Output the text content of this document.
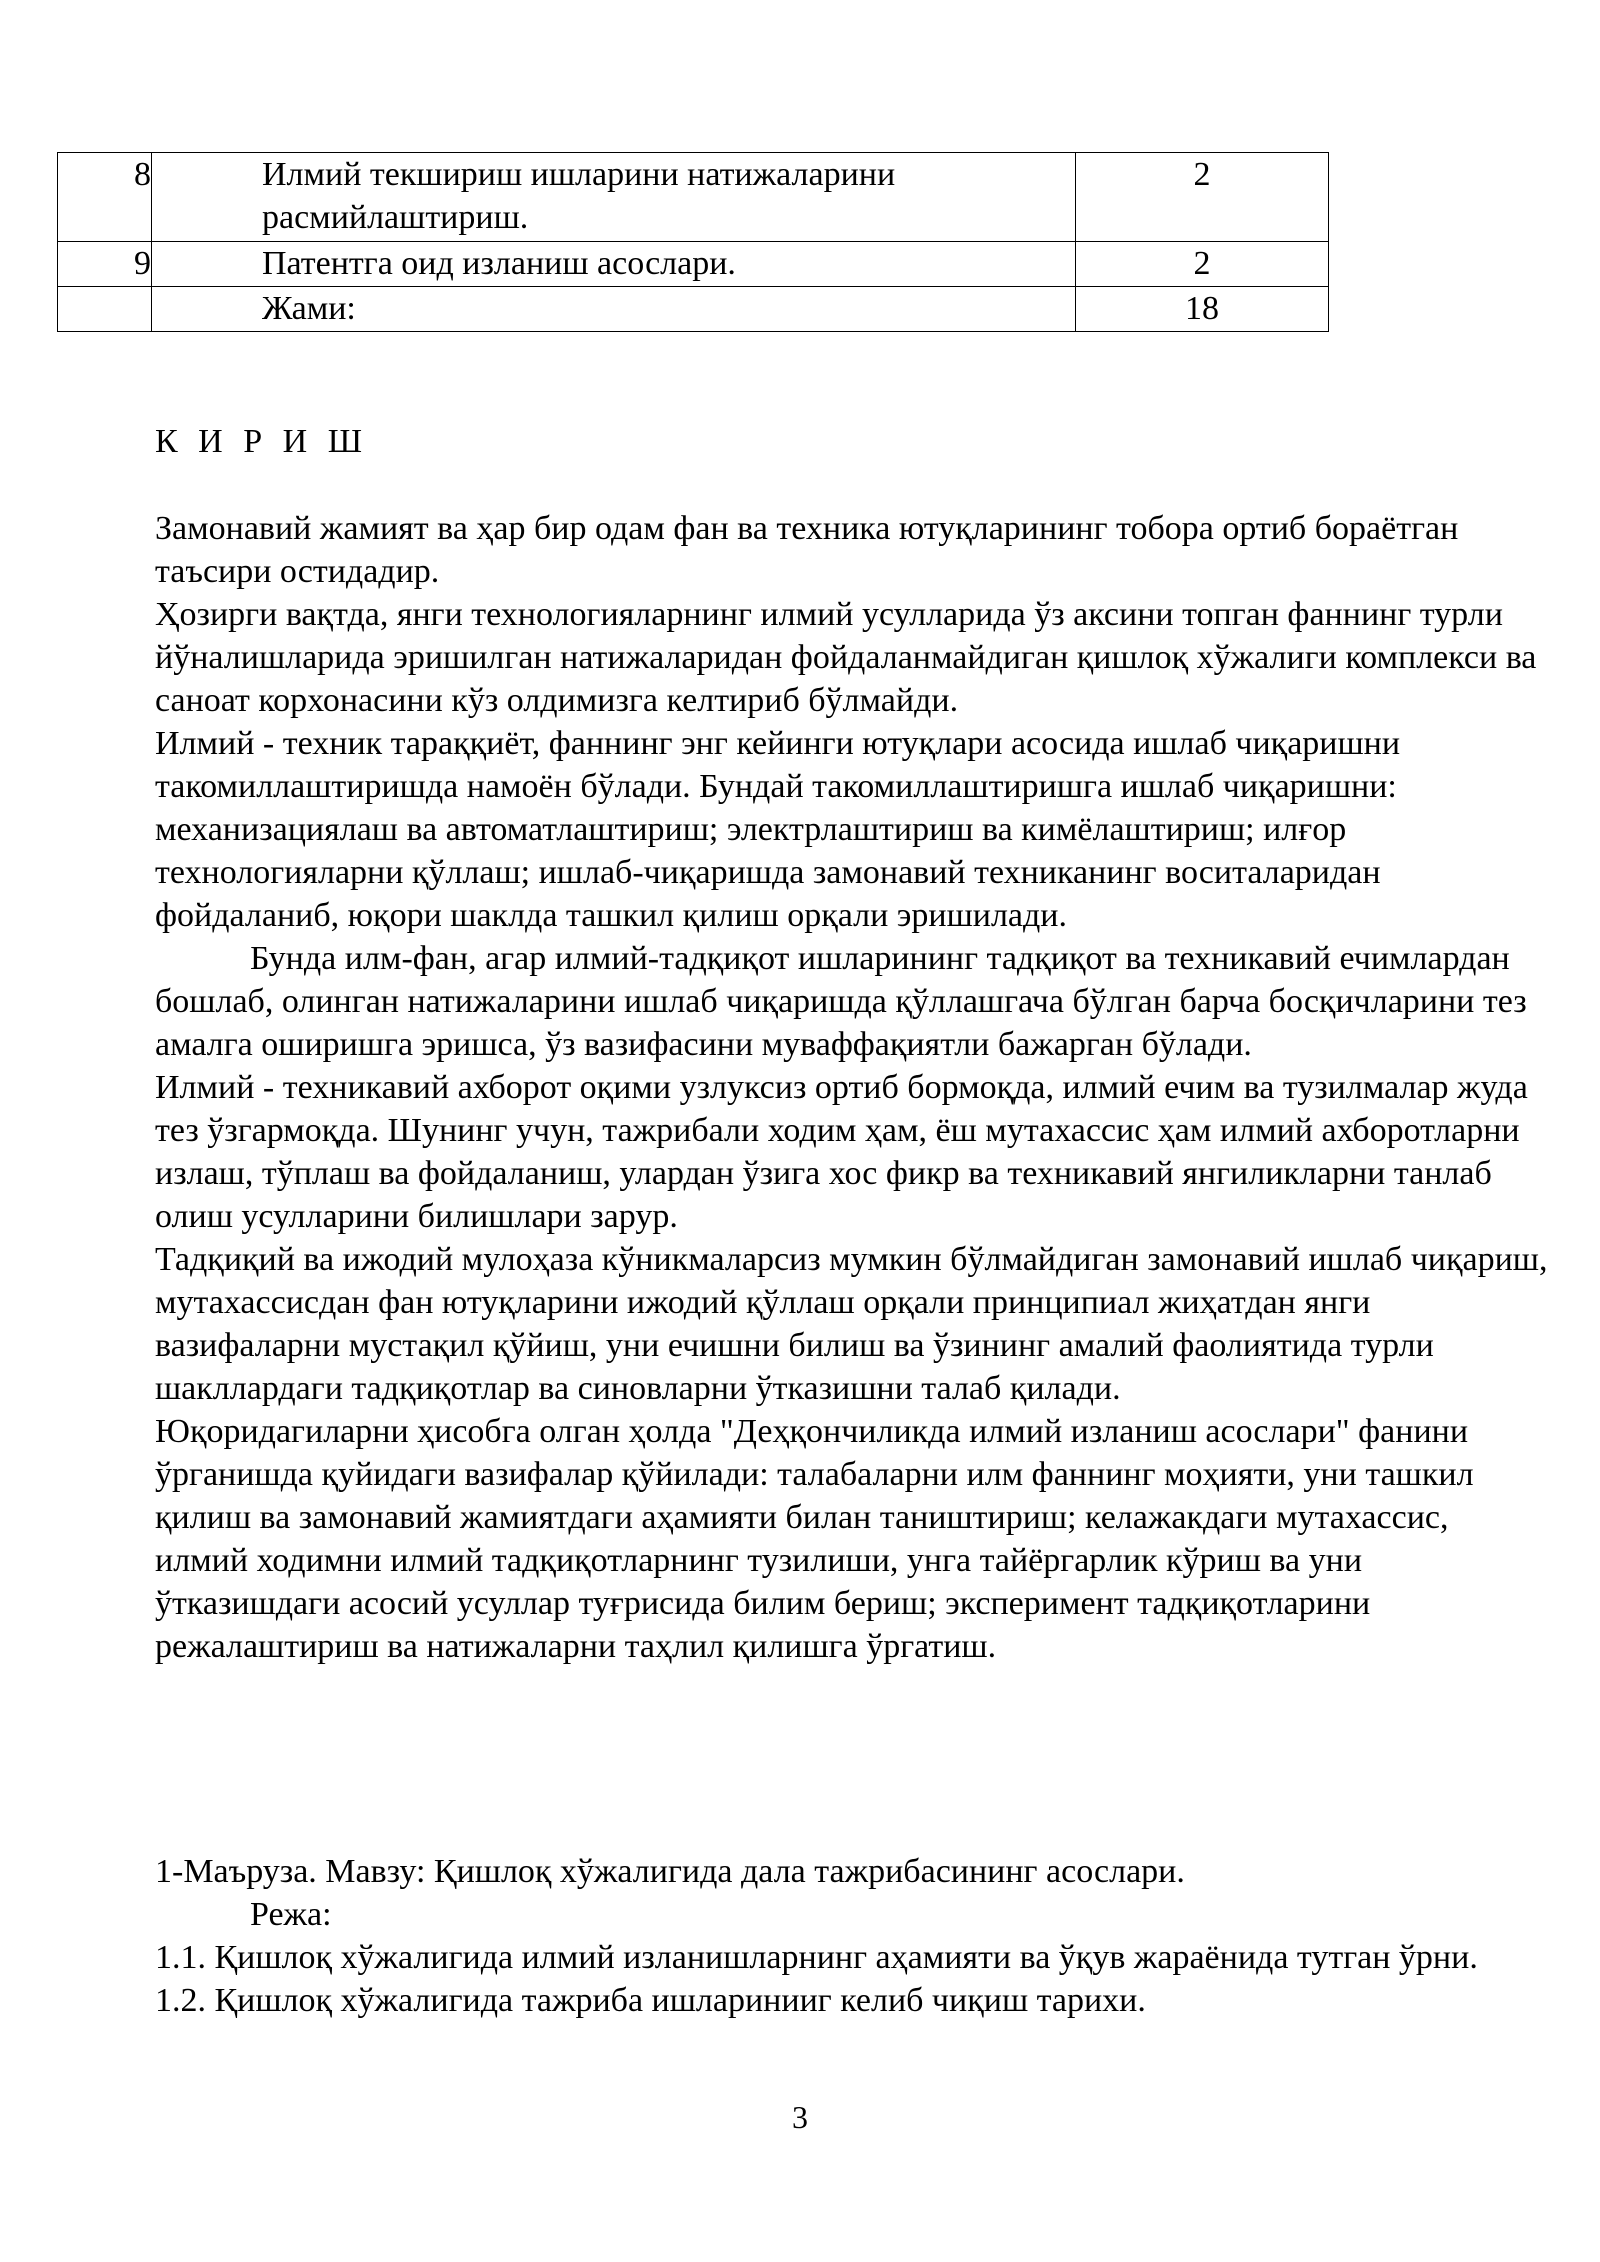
8	Илмий текшириш ишларини натижаларини расмийлаштириш.	2
9	Патентга оид изланиш асослари.	2
	Жами:	18
К И Р И Ш

Замонавий жамият ва ҳар бир одам фан ва техника ютуқларининг тобора ортиб бораётган таъсири остидадир.

Ҳозирги вақтда, янги технологияларнинг илмий усулларида ўз аксини топган фаннинг турли йўналишларида эришилган натижаларидан фойдаланмайдиган қишлоқ хўжалиги комплекси ва саноат корхонасини кўз олдимизга келтириб бўлмайди.

Илмий - техник тараққиёт, фаннинг энг кейинги ютуқлари асосида ишлаб чиқаришни такомиллаштиришда намоён бўлади. Бундай такомиллаштиришга ишлаб чиқаришни: механизациялаш ва автоматлаштириш; электрлаштириш ва кимёлаштириш; илғор технологияларни қўллаш; ишлаб-чиқаришда замонавий техниканинг воситаларидан фойдаланиб, юқори шаклда ташкил қилиш орқали эришилади.

Бунда илм-фан, агар илмий-тадқиқот ишларининг тадқиқот ва техникавий ечимлардан бошлаб, олинган натижаларини ишлаб чиқаришда қўллашгача бўлган барча босқичларини тез амалга оширишга эришса, ўз вазифасини муваффақиятли бажарган бўлади.

Илмий - техникавий ахборот оқими узлуксиз ортиб бормоқда, илмий ечим ва тузилмалар жуда тез ўзгармоқда. Шунинг учун, тажрибали ходим ҳам, ёш мутахассис ҳам илмий ахборотларни излаш, тўплаш ва фойдаланиш, улардан ўзига хос фикр ва техникавий янгиликларни танлаб олиш усулларини билишлари зарур.

Тадқиқий ва ижодий мулоҳаза кўникмаларсиз мумкин бўлмайдиган замонавий ишлаб чиқариш, мутахассисдан фан ютуқларини ижодий қўллаш орқали принципиал жиҳатдан янги вазифаларни мустақил қўйиш, уни ечишни билиш ва ўзининг амалий фаолиятида турли шакллардаги тадқиқотлар ва синовларни ўтказишни талаб қилади.

Юқоридагиларни ҳисобга олган ҳолда "Деҳқончиликда илмий изланиш асослари" фанини ўрганишда қуйидаги вазифалар қўйилади: талабаларни илм фаннинг моҳияти, уни ташкил қилиш ва замонавий жамиятдаги аҳамияти билан таништириш; келажакдаги мутахассис, илмий ходимни илмий тадқиқотларнинг тузилиши, унга тайёргарлик кўриш ва уни ўтказишдаги асосий усуллар туғрисида билим бериш; эксперимент тадқиқотларини режалаштириш ва натижаларни таҳлил қилишга ўргатиш.

1-Маъруза. Мавзу: Қишлоқ хўжалигида дала тажрибасининг асослари.

Режа:

1.1. Қишлоқ хўжалигида илмий изланишларнинг аҳамияти ва ўқув жараёнида тутган ўрни.

1.2. Қишлоқ хўжалигида тажриба ишларинииг келиб чиқиш тарихи.

3
